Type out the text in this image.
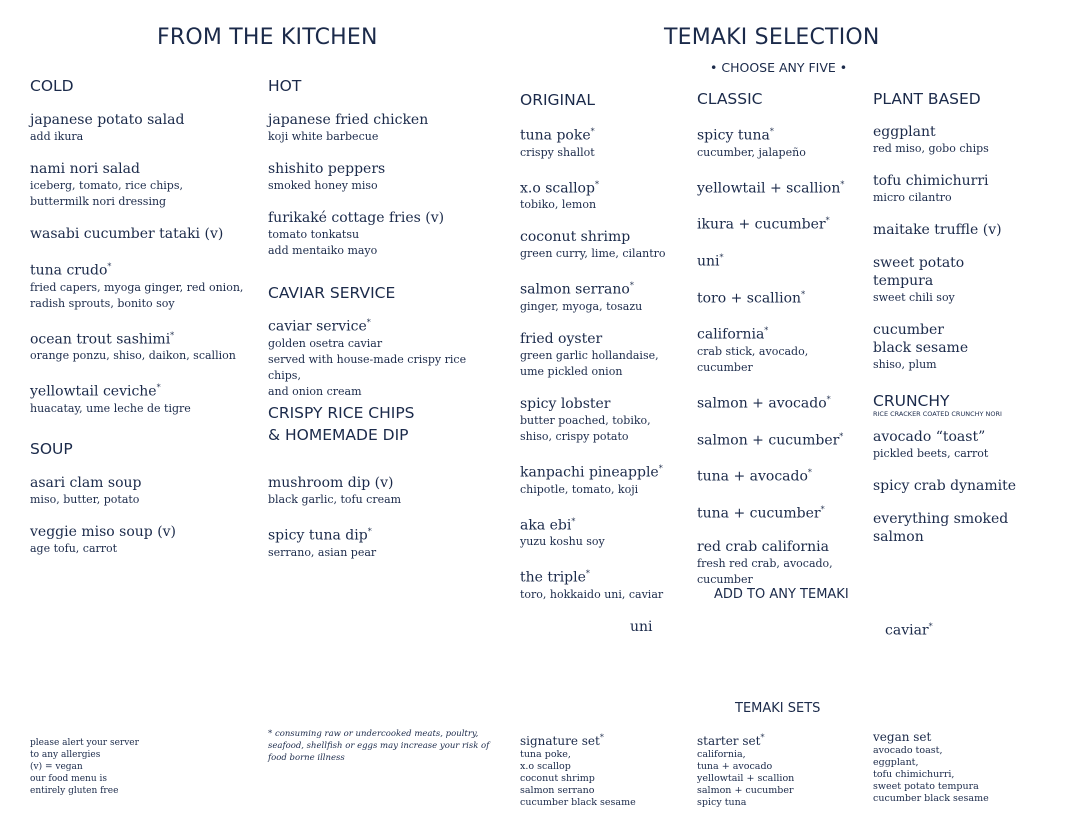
FROM THE KITCHEN	TEMAKI SELECTION
• CHOOSE ANY FIVE •
COLD
japanese potato salad
add ikura
nami nori salad
iceberg, tomato, rice chips,
buttermilk nori dressing
wasabi cucumber tataki (v)
tuna crudo*
fried capers, myoga ginger, red onion,
radish sprouts, bonito soy
ocean trout sashimi*
orange ponzu, shiso, daikon, scallion
yellowtail ceviche*
huacatay, ume leche de tigre
SOUP
asari clam soup
miso, butter, potato
veggie miso soup (v)
age tofu, carrot
HOT
japanese fried chicken
koji white barbecue
shishito peppers
smoked honey miso
furikaké cottage fries (v)
tomato tonkatsu
add mentaiko mayo
CAVIAR SERVICE
caviar service*
golden osetra caviar
served with house-made crispy rice chips,
and onion cream
CRISPY RICE CHIPS
& HOMEMADE DIP
mushroom dip (v)
black garlic, tofu cream
spicy tuna dip*
serrano, asian pear
ORIGINAL
tuna poke*
crispy shallot
x.o scallop*
tobiko, lemon
coconut shrimp
green curry, lime, cilantro
salmon serrano*
ginger, myoga, tosazu
fried oyster
green garlic hollandaise,
ume pickled onion
spicy lobster
butter poached, tobiko,
shiso, crispy potato
kanpachi pineapple*
chipotle, tomato, koji
aka ebi*
yuzu koshu soy
the triple*
toro, hokkaido uni, caviar
CLASSIC
spicy tuna*
cucumber, jalapeño
yellowtail + scallion*
ikura + cucumber*
uni*
toro + scallion*
california*
crab stick, avocado, cucumber
salmon + avocado*
salmon + cucumber*
tuna + avocado*
tuna + cucumber*
red crab california
fresh red crab, avocado,
cucumber
PLANT BASED
eggplant
red miso, gobo chips
tofu chimichurri
micro cilantro
maitake truffle (v)
sweet potato
tempura
sweet chili soy
cucumber
black sesame
shiso, plum
CRUNCHY
RICE CRACKER COATED CRUNCHY NORI
avocado “toast”
pickled beets, carrot
spicy crab dynamite
everything smoked
salmon
ADD TO ANY TEMAKI
uni	caviar*
TEMAKI SETS
signature set*
tuna poke,
x.o scallop
coconut shrimp
salmon serrano
cucumber black sesame
starter set*
california,
tuna + avocado
yellowtail + scallion
salmon + cucumber
spicy tuna
vegan set
avocado toast,
eggplant,
tofu chimichurri,
sweet potato tempura
cucumber black sesame
please alert your server
to any allergies
(v) = vegan
our food menu is
entirely gluten free
* consuming raw or undercooked meats, poultry,
seafood, shellfish or eggs may increase your risk of
food borne illness
